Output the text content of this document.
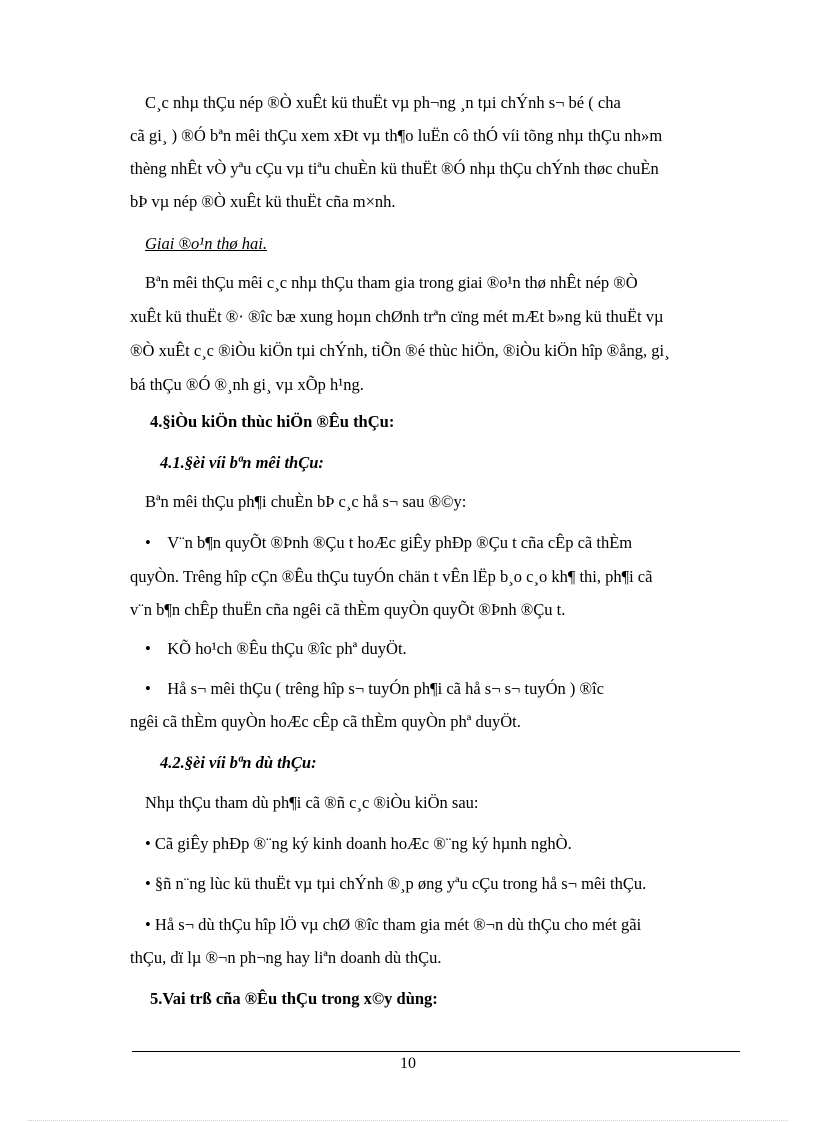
C¸c nhµ thÇu nép ®Ò xuÊt kü thuËt vµ ph¬ng ¸n tµi chÝnh s¬ bé ( cha
cã gi¸ ) ®Ó bªn mêi thÇu xem xÐt vµ th¶o luËn cô thÓ víi tõng nhµ thÇu nh»m
thèng nhÊt vÒ yªu cÇu vµ tiªu chuÈn kü thuËt ®Ó nhµ thÇu chÝnh thøc chuÈn
bÞ vµ nép ®Ò xuÊt kü thuËt cña m×nh.
Giai ®o¹n thø hai.
Bªn mêi thÇu mêi c¸c nhµ thÇu tham gia trong giai ®o¹n thø nhÊt nép ®Ò
xuÊt kü thuËt ®· ®îc bæ xung hoµn chØnh trªn cïng mét mÆt b»ng kü thuËt vµ
®Ò xuÊt c¸c ®iÒu kiÖn tµi chÝnh, tiÕn ®é thùc hiÖn, ®iÒu kiÖn hîp ®ång, gi¸
bá thÇu ®Ó ®¸nh gi¸ vµ xÕp h¹ng.
4.§iÒu kiÖn thùc hiÖn ®Êu thÇu:
4.1.§èi víi bªn mêi thÇu:
Bªn mêi thÇu ph¶i chuÈn bÞ c¸c hå s¬ sau ®©y:
• V¨n b¶n quyÕt ®Þnh ®Çu t hoÆc giÊy phÐp ®Çu t cña cÊp cã thÈm
quyÒn. Trêng hîp cÇn ®Êu thÇu tuyÓn chän t vÊn lËp b¸o c¸o kh¶ thi, ph¶i cã
v¨n b¶n chÊp thuËn cña ngêi cã thÈm quyÒn quyÕt ®Þnh ®Çu t.
• KÕ ho¹ch ®Êu thÇu ®îc phª duyÖt.
• Hå s¬ mêi thÇu ( trêng hîp s¬ tuyÓn ph¶i cã hå s¬ s¬ tuyÓn ) ®îc
ngêi cã thÈm quyÒn hoÆc cÊp cã thÈm quyÒn phª duyÖt.
4.2.§èi víi bªn dù thÇu:
Nhµ thÇu tham dù ph¶i cã ®ñ c¸c ®iÒu kiÖn sau:
• Cã giÊy phÐp ®¨ng ký kinh doanh hoÆc ®¨ng ký hµnh nghÒ.
• §ñ n¨ng lùc kü thuËt vµ tµi chÝnh ®¸p øng yªu cÇu trong hå s¬ mêi thÇu.
• Hå s¬ dù thÇu hîp lÖ vµ chØ ®îc tham gia mét ®¬n dù thÇu cho mét gãi
thÇu, dï lµ ®¬n ph¬ng hay liªn doanh dù thÇu.
5.Vai trß cña ®Êu thÇu trong x©y dùng:
10
